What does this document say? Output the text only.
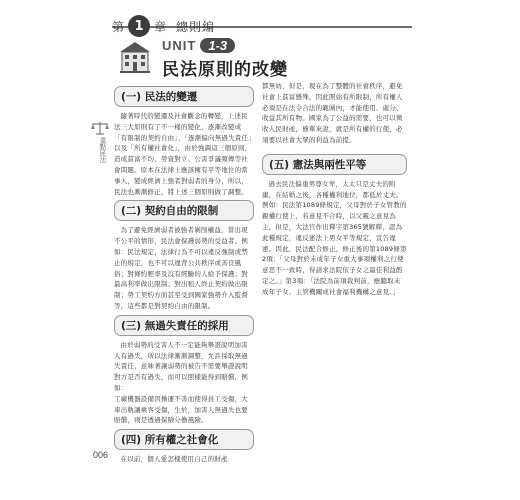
第 1 章 總則編
UNIT 1-3
民法原則的改變
重點民法
(一) 民法的變遷

隨著時代的變遷及社會觀念的轉變，上述民法三大原則有了不一樣的變化，逐漸改變成「有限制的契約自由」、「逐漸偏向無過失責任」以及「所有權社會化」，由於強調這三個原則，造成貧富不均、勞資對立、公害爭議頻傳等社會問題。原本在法律上應該擁有平等地位的當事人，變成經濟上強者對弱者的身分，所以，民法也漸漸修正，將上述三個原則做了調整。

(二) 契約自由的限制

為了避免經濟弱者被強者剝削權益，當出現不公平的情形，民法會保護弱勢的受益者。例如：民法規定，法律行為不可以違反強制或禁止的規定，也不可以違背公共秩序或善良風俗；對條約輕率及沒有經驗的人給予保護；對最高利率做出限制；對出租人終止契約做出限制；勞工契約方面甚至受到國家強勢介入監督等，這些都是對契約自由的限制。

(三) 無過失責任的採用

由於弱勢的受害人不一定能夠舉證說明加害人有過失，所以法律漸漸調整，允許採取無過失責任，意味著讓弱勢的被告不需要舉證說明對方是否有過失，而可以照樣能得到賠償，例如：

工廠機器設備因操運不善而使得員工受傷，大車出軌讓乘客受傷，生於，加害人無過失也要賠償，則是透過保險分擔風險。

(四) 所有權之社會化

在以前，個人愛怎樣使用自己的財產

都無妨，但是，現在為了整體的社會秩序，避免社會上貧富懸殊，因此開始有所限制，所有權人必須是在法令合法的範圍內，才能使用、處分、收益其所有物。國家為了公益的需要，也可以徵收人民財產，簡單來說，就是所有權的行使，必須要以社會大眾的利益為前提。

(五) 憲法與兩性平等

過去民法偏重男尊女卑，太太只是丈夫的附庸，在結婚之後，各種權利地位，都低於丈夫。例如：民法第1089條規定，父母對於子女管教的親權行使上，若意見不合時，以父親之意見為主，但是，大法官作出釋字第365號解釋，認為此種規定，違反憲法上男女平等規定，宣告違憲。因此，民法配合修正，修正後的第1089條第2項：「父母對於未成年子女重大事項權利之行使意思不一致時，得請求法院依子女之最佳利益酌定之。」第3項：「法院為前項裁判前，應聽取未成年子女、主管機關或社會福利機構之意見。」

006
